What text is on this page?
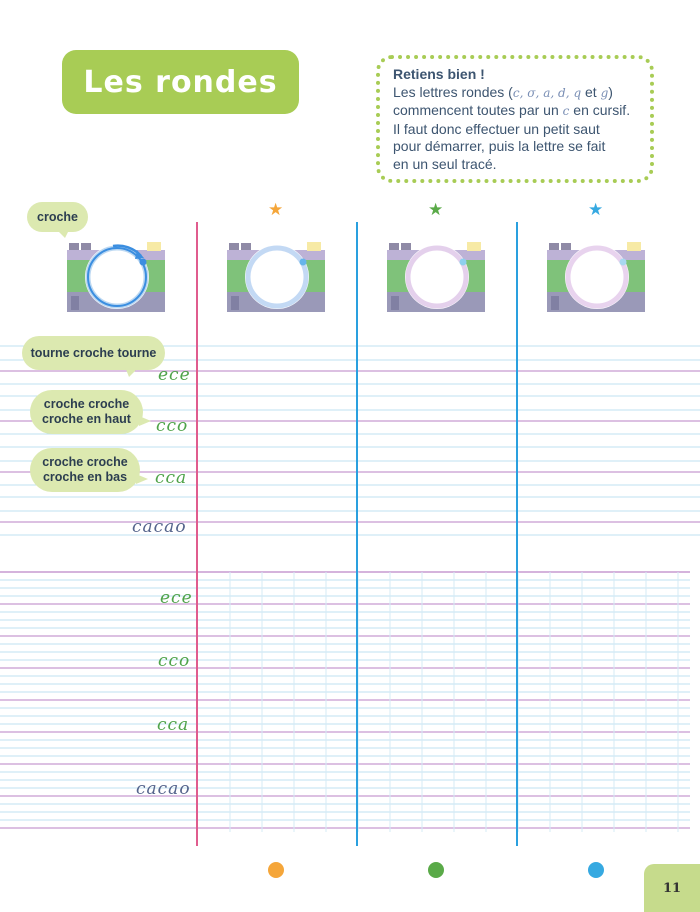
Les rondes	Retiens bien !
Les lettres rondes (c, σ, a, d, q et g)
commencent toutes par un c en cursif.
Il faut donc effectuer un petit saut
pour démarrer, puis la lettre se fait
en un seul tracé.
croche
tourne croche tourne
croche croche croche en haut
croche croche croche en bas
ece
cco
cca
cacao
ece
cco
cca
cacao
★	★	★
11
